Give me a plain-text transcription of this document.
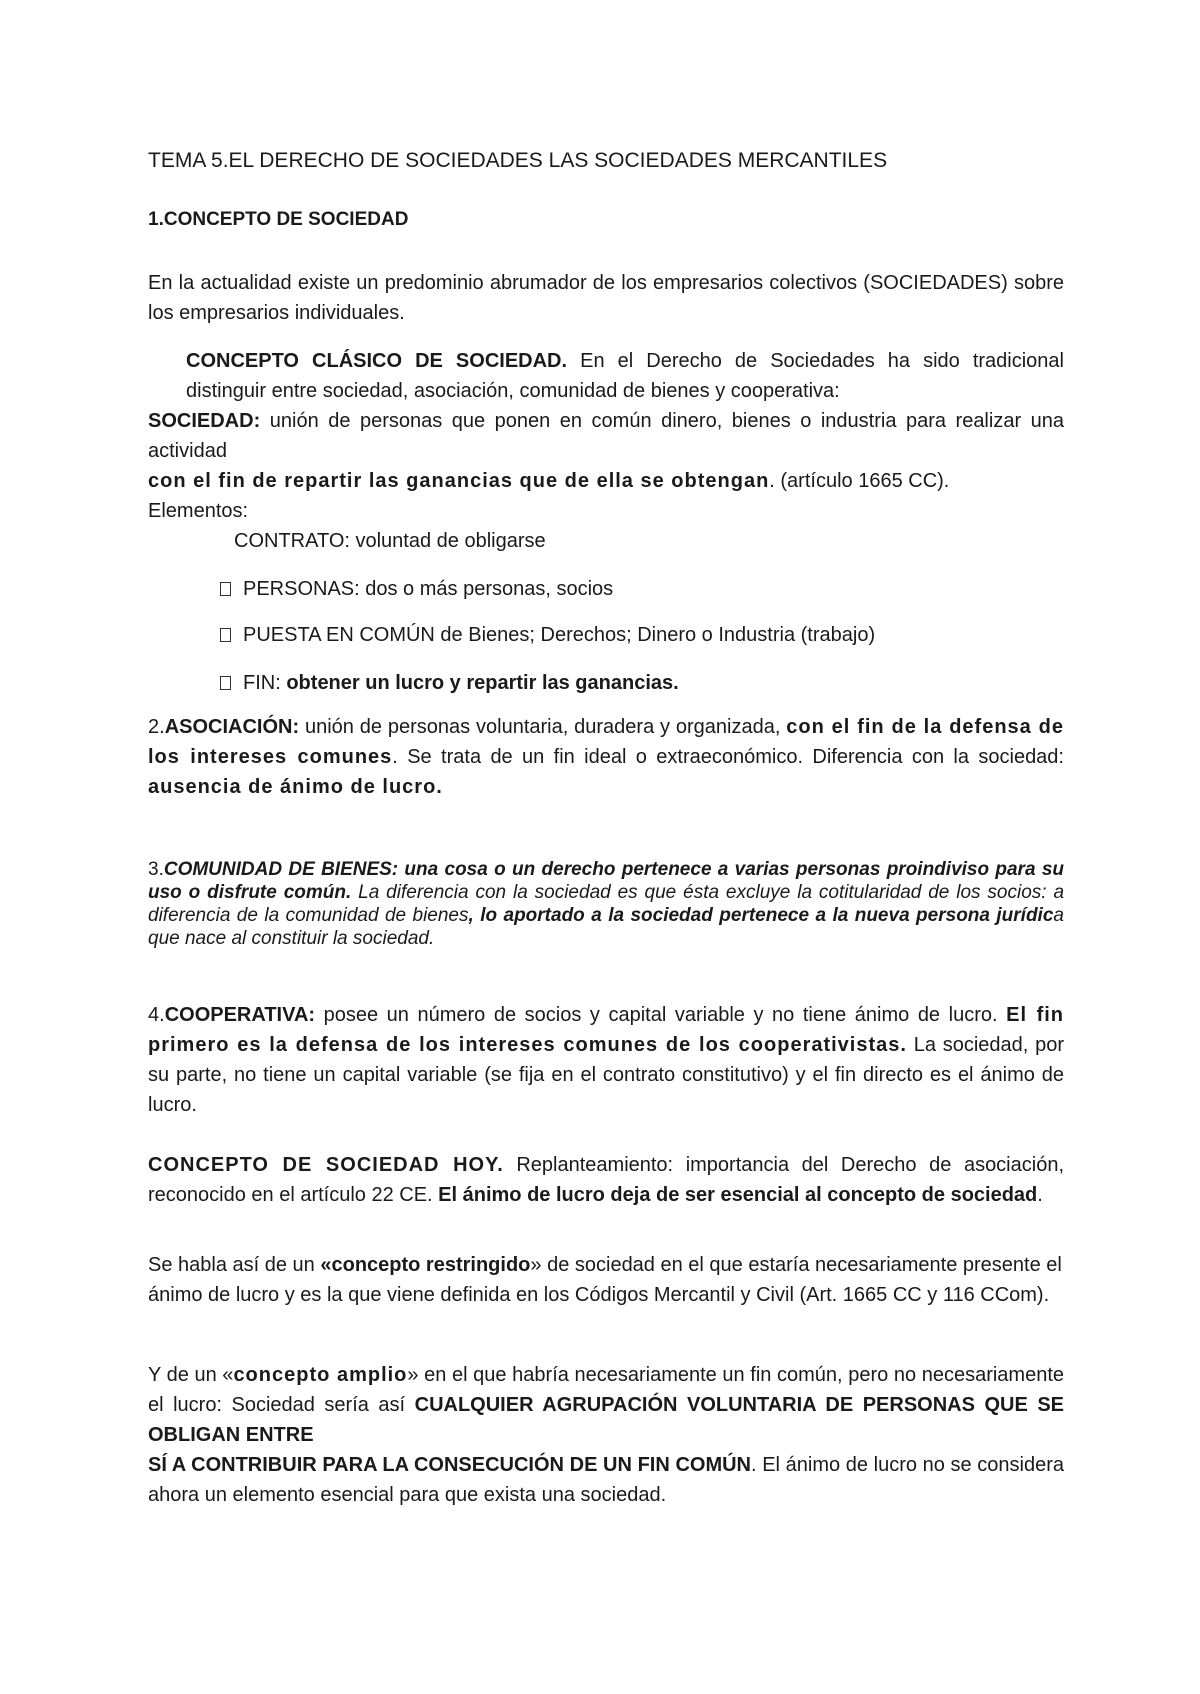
TEMA 5.EL DERECHO DE SOCIEDADES LAS SOCIEDADES MERCANTILES

1.CONCEPTO DE SOCIEDAD

En la actualidad existe un predominio abrumador de los empresarios colectivos (SOCIEDADES) sobre los empresarios individuales.

CONCEPTO CLÁSICO DE SOCIEDAD. En el Derecho de Sociedades ha sido tradicional distinguir entre sociedad, asociación, comunidad de bienes y cooperativa:

SOCIEDAD: unión de personas que ponen en común dinero, bienes o industria para realizar una actividad
con el fin de repartir las ganancias que de ella se obtengan. (artículo 1665 CC).
Elementos:

CONTRATO: voluntad de obligarse
PERSONAS: dos o más personas, socios
PUESTA EN COMÚN de Bienes; Derechos; Dinero o Industria (trabajo)
FIN: obtener un lucro y repartir las ganancias.

2.ASOCIACIÓN: unión de personas voluntaria, duradera y organizada, con el fin de la defensa de los intereses comunes. Se trata de un fin ideal o extraeconómico. Diferencia con la sociedad: ausencia de ánimo de lucro.

3.COMUNIDAD DE BIENES: una cosa o un derecho pertenece a varias personas proindiviso para su uso o disfrute común. La diferencia con la sociedad es que ésta excluye la cotitularidad de los socios: a diferencia de la comunidad de bienes, lo aportado a la sociedad pertenece a la nueva persona jurídica que nace al constituir la sociedad.

4.COOPERATIVA: posee un número de socios y capital variable y no tiene ánimo de lucro. El fin primero es la defensa de los intereses comunes de los cooperativistas. La sociedad, por su parte, no tiene un capital variable (se fija en el contrato constitutivo) y el fin directo es el ánimo de lucro.

CONCEPTO DE SOCIEDAD HOY. Replanteamiento: importancia del Derecho de asociación, reconocido en el artículo 22 CE. El ánimo de lucro deja de ser esencial al concepto de sociedad.

Se habla así de un «concepto restringido» de sociedad en el que estaría necesariamente presente el ánimo de lucro y es la que viene definida en los Códigos Mercantil y Civil (Art. 1665 CC y 116 CCom).

Y de un «concepto amplio» en el que habría necesariamente un fin común, pero no necesariamente el lucro: Sociedad sería así CUALQUIER AGRUPACIÓN VOLUNTARIA DE PERSONAS QUE SE OBLIGAN ENTRE
SÍ A CONTRIBUIR PARA LA CONSECUCIÓN DE UN FIN COMÚN. El ánimo de lucro no se considera ahora un elemento esencial para que exista una sociedad.
